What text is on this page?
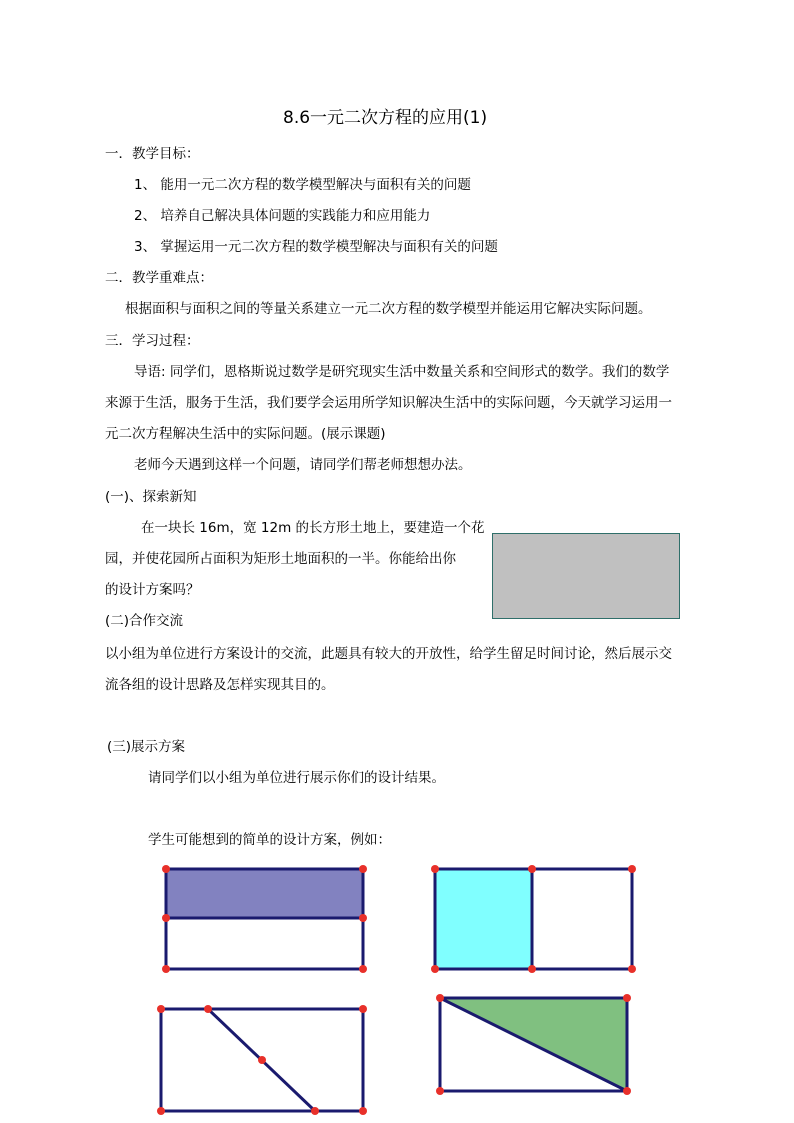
8.6一元二次方程的应用(1)
一．教学目标：
1、 能用一元二次方程的数学模型解决与面积有关的问题
2、 培养自己解决具体问题的实践能力和应用能力
3、 掌握运用一元二次方程的数学模型解决与面积有关的问题
二．教学重难点：
根据面积与面积之间的等量关系建立一元二次方程的数学模型并能运用它解决实际问题。
三．学习过程：
导语: 同学们，恩格斯说过数学是研究现实生活中数量关系和空间形式的数学。我们的数学
来源于生活，服务于生活，我们要学会运用所学知识解决生活中的实际问题，今天就学习运用一
元二次方程解决生活中的实际问题。(展示课题)
老师今天遇到这样一个问题，请同学们帮老师想想办法。
(一)、探索新知
在一块长 16m，宽 12m 的长方形土地上，要建造一个花
园，并使花园所占面积为矩形土地面积的一半。你能给出你
的设计方案吗？
(二)合作交流
以小组为单位进行方案设计的交流，此题具有较大的开放性，给学生留足时间讨论，然后展示交
流各组的设计思路及怎样实现其目的。
(三)展示方案
请同学们以小组为单位进行展示你们的设计结果。
学生可能想到的简单的设计方案，例如：
